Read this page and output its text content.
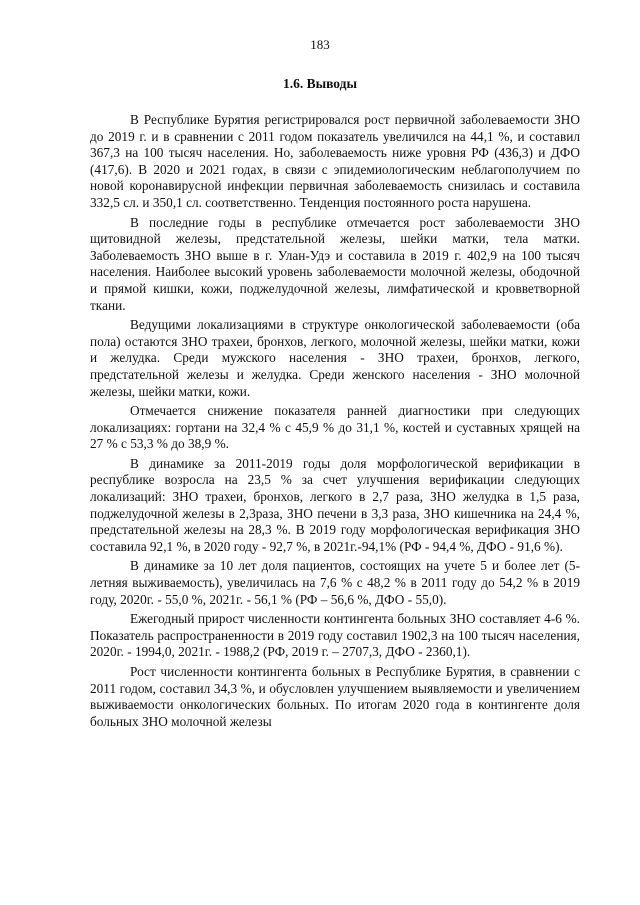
183
1.6. Выводы

В Республике Бурятия регистрировался рост первичной заболеваемости ЗНО до 2019 г. и в сравнении с 2011 годом показатель увеличился на 44,1 %, и составил 367,3 на 100 тысяч населения. Но, заболеваемость ниже уровня РФ (436,3) и ДФО (417,6). В 2020 и 2021 годах, в связи с эпидемиологическим неблагополучием по новой коронавирусной инфекции первичная заболеваемость снизилась и составила 332,5 сл. и 350,1 сл. соответственно. Тенденция постоянного роста нарушена.

В последние годы в республике отмечается рост заболеваемости ЗНО щитовидной железы, предстательной железы, шейки матки, тела матки. Заболеваемость ЗНО выше в г. Улан-Удэ и составила в 2019 г. 402,9 на 100 тысяч населения. Наиболее высокий уровень заболеваемости молочной железы, ободочной и прямой кишки, кожи, поджелудочной железы, лимфатической и кровветворной ткани.

Ведущими локализациями в структуре онкологической заболеваемости (оба пола) остаются ЗНО трахеи, бронхов, легкого, молочной железы, шейки матки, кожи и желудка. Среди мужского населения - ЗНО трахеи, бронхов, легкого, предстательной железы и желудка. Среди женского населения - ЗНО молочной железы, шейки матки, кожи.

Отмечается снижение показателя ранней диагностики при следующих локализациях: гортани на 32,4 % с 45,9 % до 31,1 %, костей и суставных хрящей на 27 % с 53,3 % до 38,9 %.

В динамике за 2011-2019 годы доля морфологической верификации в республике возросла на 23,5 % за счет улучшения верификации следующих локализаций: ЗНО трахеи, бронхов, легкого в 2,7 раза, ЗНО желудка в 1,5 раза, поджелудочной железы в 2,3раза, ЗНО печени в 3,3 раза, ЗНО кишечника на 24,4 %, предстательной железы на 28,3 %. В 2019 году морфологическая верификация ЗНО составила 92,1 %, в 2020 году - 92,7 %, в 2021г.-94,1% (РФ - 94,4 %, ДФО - 91,6 %).

В динамике за 10 лет доля пациентов, состоящих на учете 5 и более лет (5-летняя выживаемость), увеличилась на 7,6 % с 48,2 % в 2011 году до 54,2 % в 2019 году, 2020г. - 55,0 %, 2021г. - 56,1 % (РФ – 56,6 %, ДФО - 55,0).

Ежегодный прирост численности контингента больных ЗНО составляет 4-6 %. Показатель распространенности в 2019 году составил 1902,3 на 100 тысяч населения, 2020г. - 1994,0, 2021г. - 1988,2 (РФ, 2019 г. – 2707,3, ДФО - 2360,1).

Рост численности контингента больных в Республике Бурятия, в сравнении с 2011 годом, составил 34,3 %, и обусловлен улучшением выявляемости и увеличением выживаемости онкологических больных. По итогам 2020 года в контингенте доля больных ЗНО молочной железы
